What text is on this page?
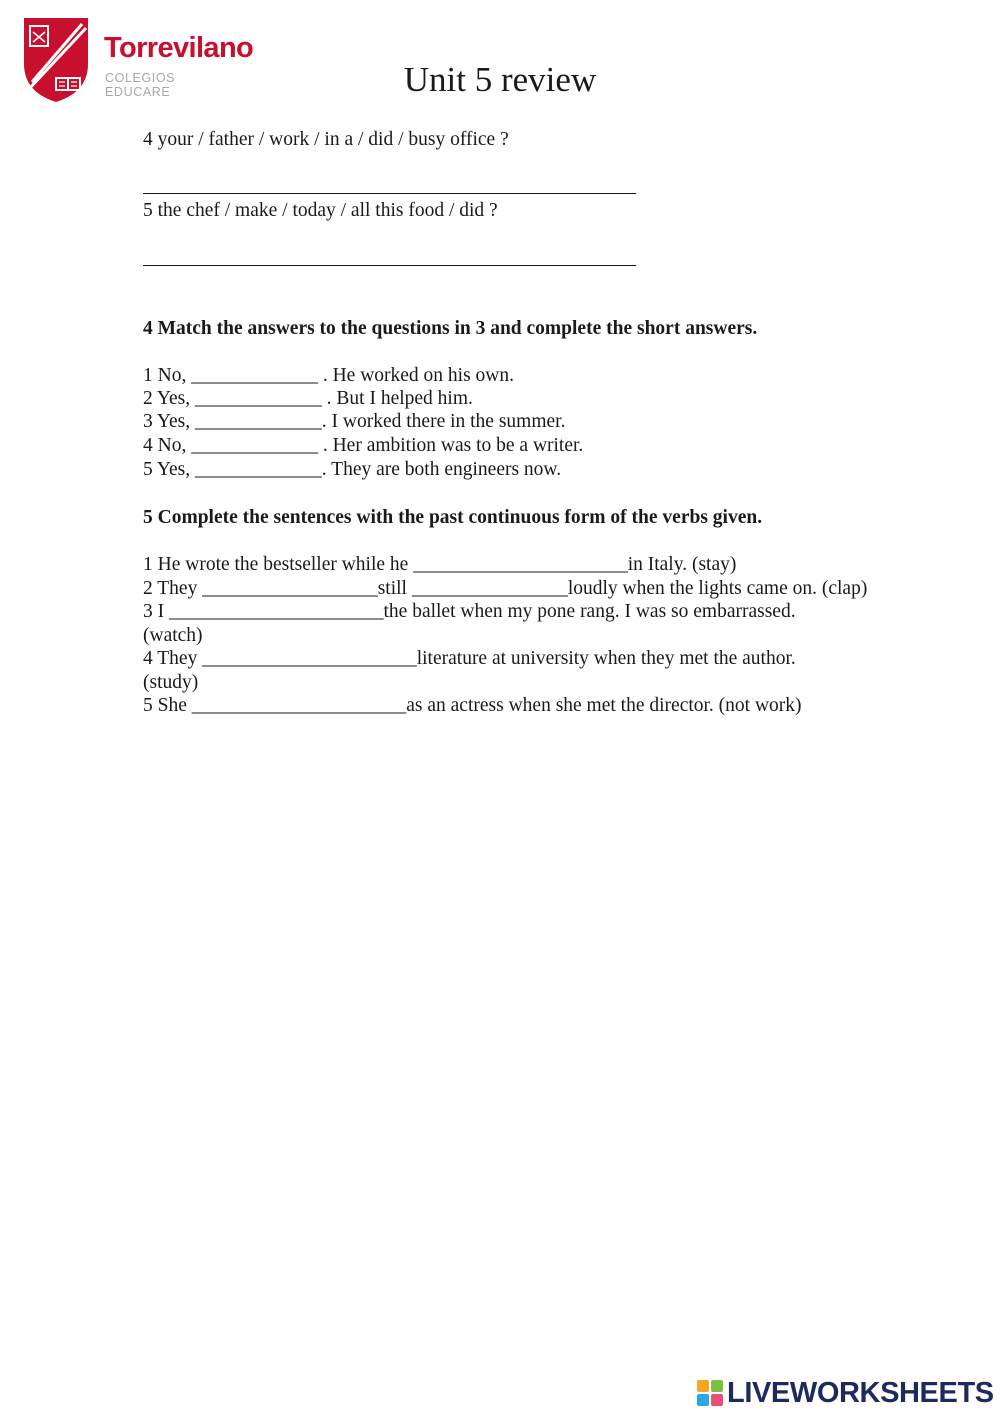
Torrevilano
COLEGIOS EDUCARE	Unit 5 review
4 your / father / work / in a / did / busy office ?
5 the chef / make / today / all this food / did ?
4 Match the answers to the questions in 3 and complete the short answers.
1 No, _____________ . He worked on his own.
2 Yes, _____________ . But I helped him.
3 Yes, _____________. I worked there in the summer.
4 No, _____________ . Her ambition was to be a writer.
5 Yes, _____________. They are both engineers now.
5 Complete the sentences with the past continuous form of the verbs given.
1 He wrote the bestseller while he ______________________in Italy. (stay)
2 They __________________still ________________loudly when the lights came on. (clap)
3 I ______________________the ballet when my pone rang. I was so embarrassed.
(watch)
4 They ______________________literature at university when they met the author.
(study)
5 She ______________________as an actress when she met the director. (not work)
LIVEWORKSHEETS
